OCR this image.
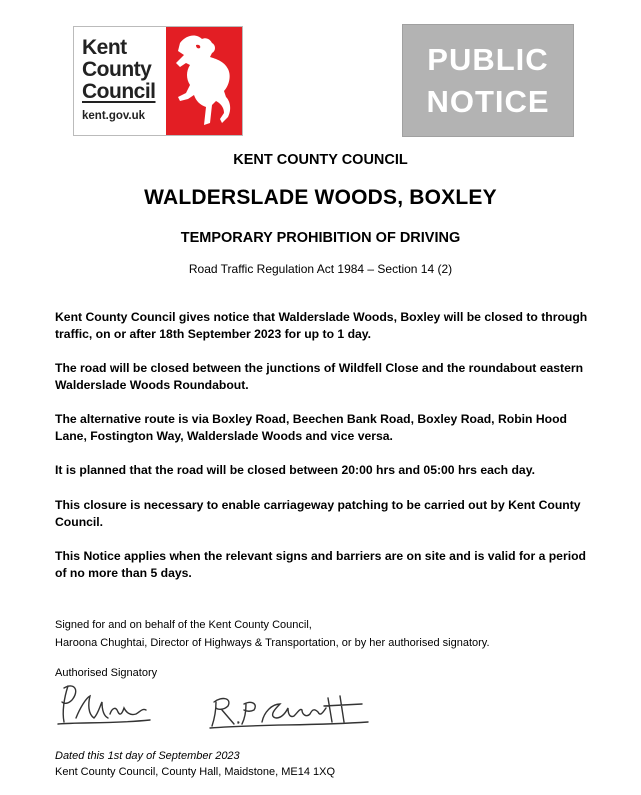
Kent
County
Council
kent.gov.uk
PUBLIC
NOTICE
KENT COUNTY COUNCIL
WALDERSLADE WOODS, BOXLEY
TEMPORARY PROHIBITION OF DRIVING
Road Traffic Regulation Act 1984 – Section 14 (2)
Kent County Council gives notice that Walderslade Woods, Boxley will be closed to through traffic, on or after 18th September 2023 for up to 1 day.
The road will be closed between the junctions of Wildfell Close and the roundabout eastern Walderslade Woods Roundabout.
The alternative route is via Boxley Road, Beechen Bank Road, Boxley Road, Robin Hood Lane, Fostington Way, Walderslade Woods and vice versa.
It is planned that the road will be closed between 20:00 hrs and 05:00 hrs each day.
This closure is necessary to enable carriageway patching to be carried out by Kent County Council.
This Notice applies when the relevant signs and barriers are on site and is valid for a period of no more than 5 days.
Signed for and on behalf of the Kent County Council,
Haroona Chughtai, Director of Highways & Transportation, or by her authorised signatory.
Authorised Signatory
Dated this 1st day of September 2023
Kent County Council, County Hall, Maidstone, ME14 1XQ
